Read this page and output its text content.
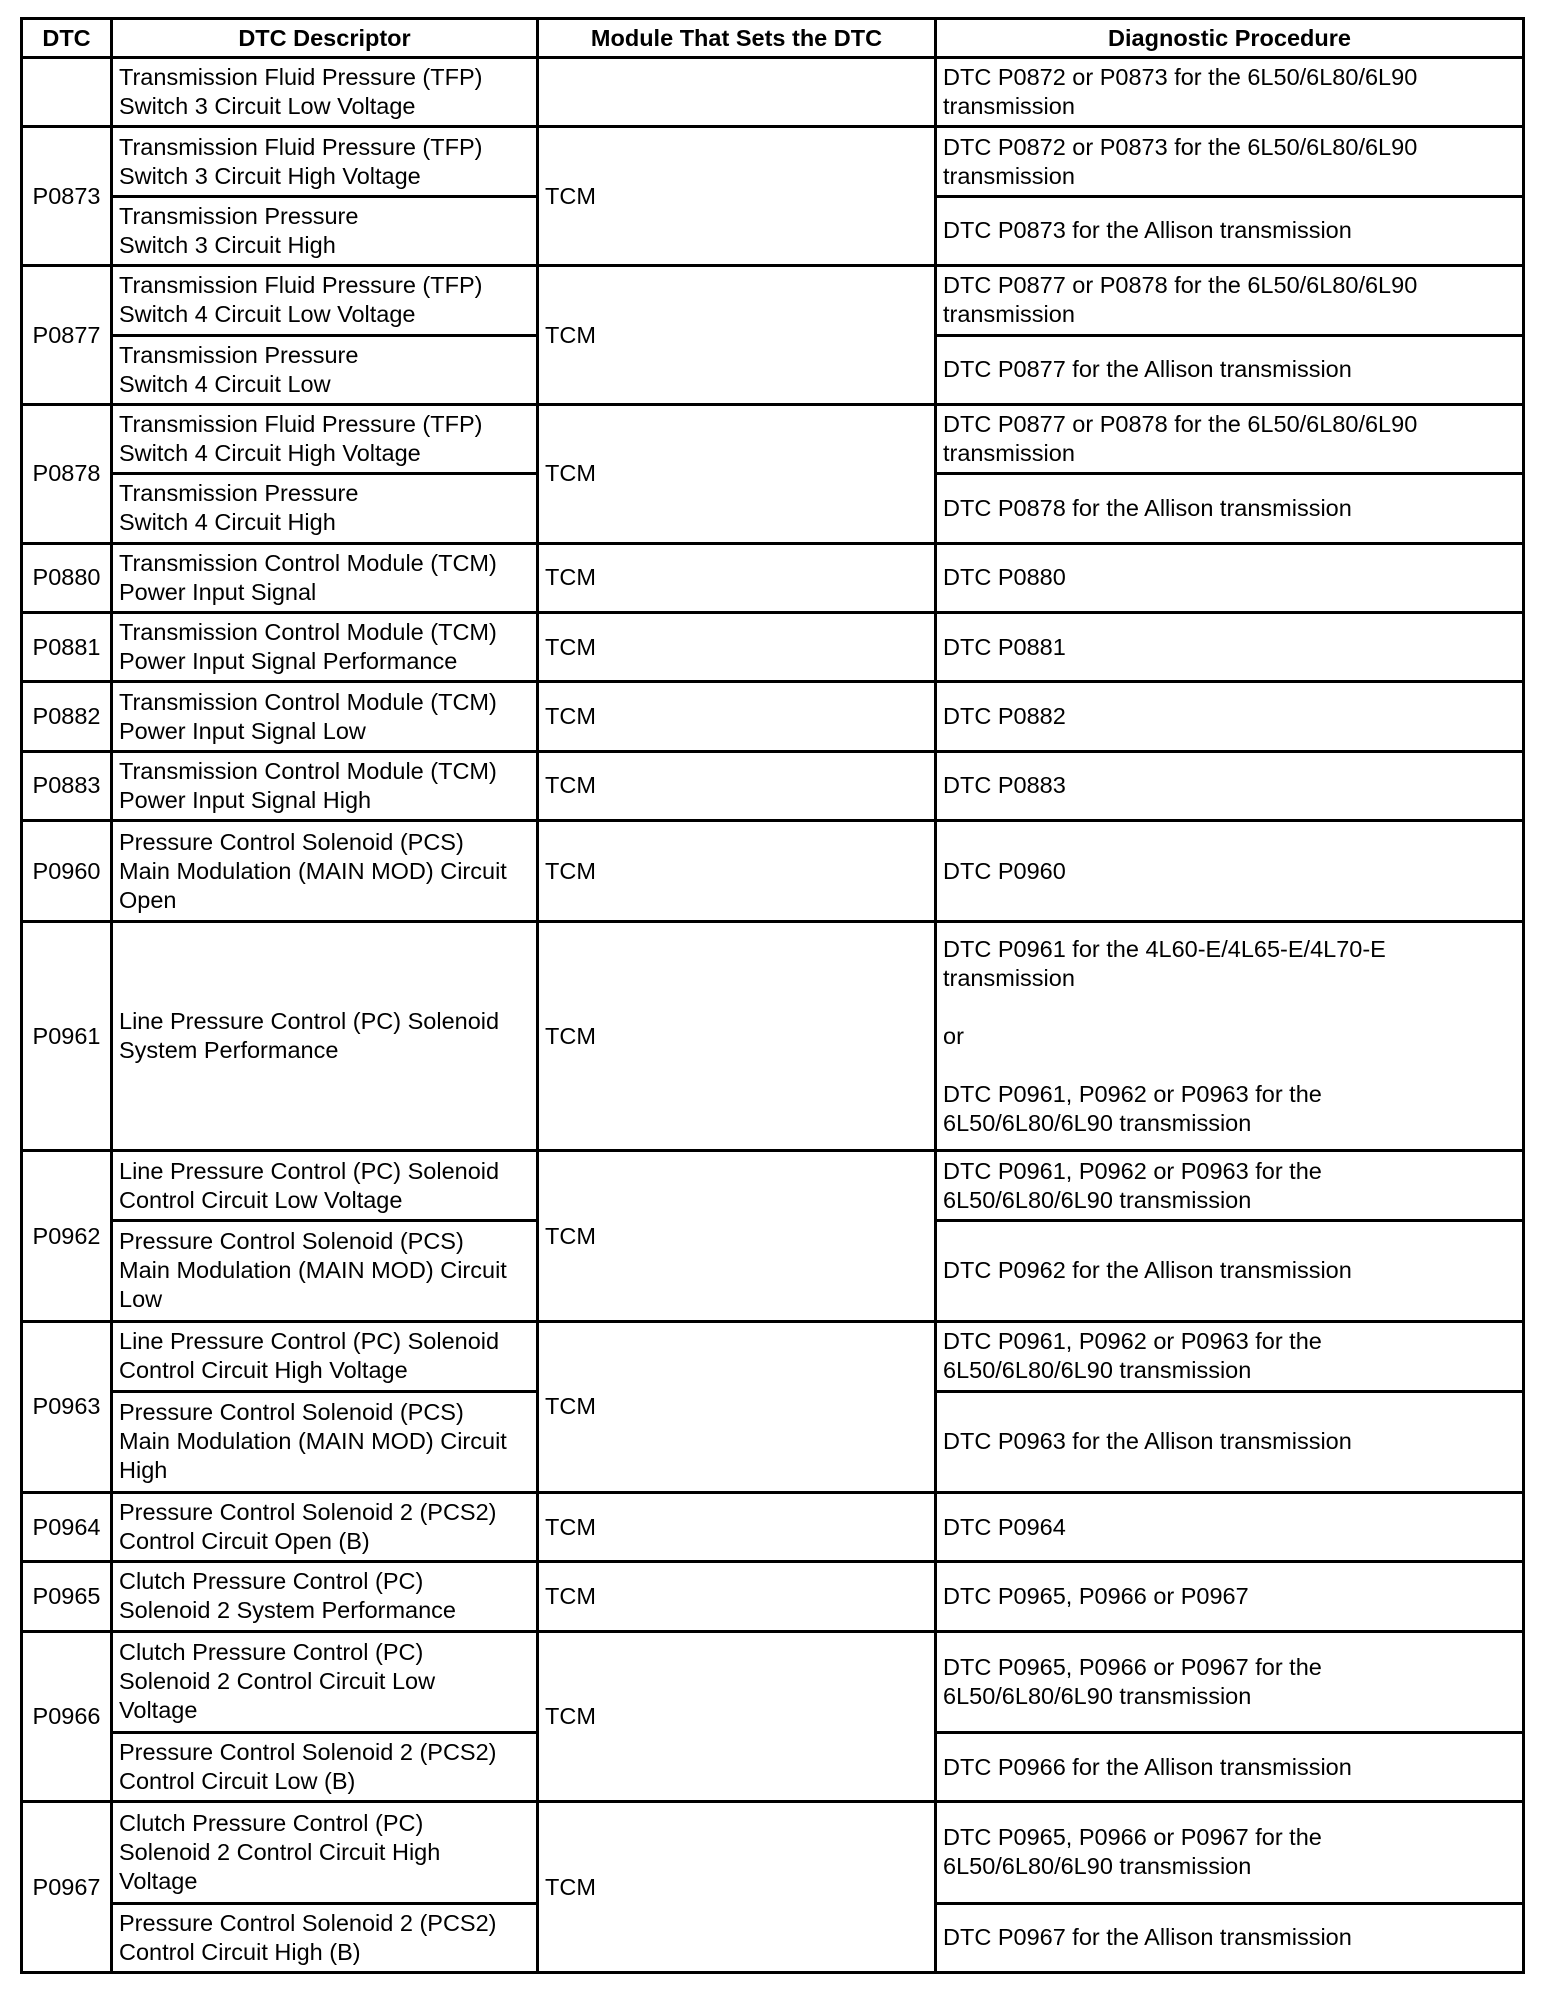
DTC	DTC Descriptor	Module That Sets the DTC	Diagnostic Procedure
	Transmission Fluid Pressure (TFP)
Switch 3 Circuit Low Voltage		DTC P0872 or P0873 for the 6L50/6L80/6L90
transmission
P0873	Transmission Fluid Pressure (TFP)
Switch 3 Circuit High Voltage	TCM	DTC P0872 or P0873 for the 6L50/6L80/6L90
transmission
	Transmission Pressure
Switch 3 Circuit High		DTC P0873 for the Allison transmission
P0877	Transmission Fluid Pressure (TFP)
Switch 4 Circuit Low Voltage	TCM	DTC P0877 or P0878 for the 6L50/6L80/6L90
transmission
	Transmission Pressure
Switch 4 Circuit Low		DTC P0877 for the Allison transmission
P0878	Transmission Fluid Pressure (TFP)
Switch 4 Circuit High Voltage	TCM	DTC P0877 or P0878 for the 6L50/6L80/6L90
transmission
	Transmission Pressure
Switch 4 Circuit High		DTC P0878 for the Allison transmission
P0880	Transmission Control Module (TCM)
Power Input Signal	TCM	DTC P0880
P0881	Transmission Control Module (TCM)
Power Input Signal Performance	TCM	DTC P0881
P0882	Transmission Control Module (TCM)
Power Input Signal Low	TCM	DTC P0882
P0883	Transmission Control Module (TCM)
Power Input Signal High	TCM	DTC P0883
P0960	Pressure Control Solenoid (PCS)
Main Modulation (MAIN MOD) Circuit
Open	TCM	DTC P0960
P0961	Line Pressure Control (PC) Solenoid
System Performance	TCM	DTC P0961 for the 4L60-E/4L65-E/4L70-E
transmission

or

DTC P0961, P0962 or P0963 for the
6L50/6L80/6L90 transmission
P0962	Line Pressure Control (PC) Solenoid
Control Circuit Low Voltage	TCM	DTC P0961, P0962 or P0963 for the
6L50/6L80/6L90 transmission
	Pressure Control Solenoid (PCS)
Main Modulation (MAIN MOD) Circuit
Low		DTC P0962 for the Allison transmission
P0963	Line Pressure Control (PC) Solenoid
Control Circuit High Voltage	TCM	DTC P0961, P0962 or P0963 for the
6L50/6L80/6L90 transmission
	Pressure Control Solenoid (PCS)
Main Modulation (MAIN MOD) Circuit
High		DTC P0963 for the Allison transmission
P0964	Pressure Control Solenoid 2 (PCS2)
Control Circuit Open (B)	TCM	DTC P0964
P0965	Clutch Pressure Control (PC)
Solenoid 2 System Performance	TCM	DTC P0965, P0966 or P0967
P0966	Clutch Pressure Control (PC)
Solenoid 2 Control Circuit Low
Voltage	TCM	DTC P0965, P0966 or P0967 for the
6L50/6L80/6L90 transmission
	Pressure Control Solenoid 2 (PCS2)
Control Circuit Low (B)		DTC P0966 for the Allison transmission
P0967	Clutch Pressure Control (PC)
Solenoid 2 Control Circuit High
Voltage	TCM	DTC P0965, P0966 or P0967 for the
6L50/6L80/6L90 transmission
	Pressure Control Solenoid 2 (PCS2)
Control Circuit High (B)		DTC P0967 for the Allison transmission
